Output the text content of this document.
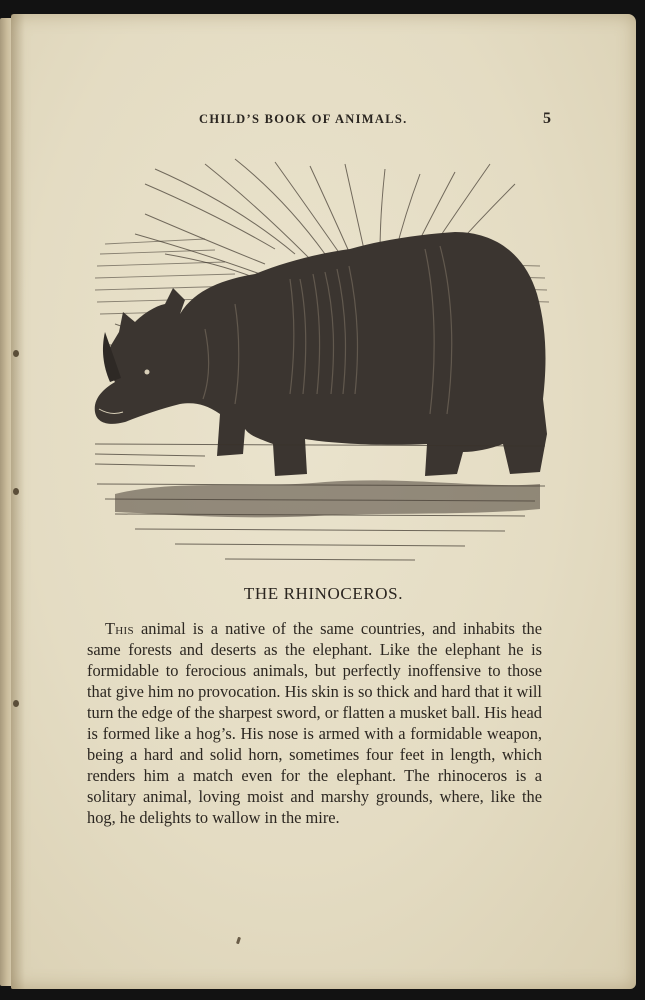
CHILD’S BOOK OF ANIMALS.	5
THE RHINOCEROS.

This animal is a native of the same countries, and inhabits the same forests and deserts as the elephant. Like the elephant he is formidable to ferocious animals, but perfectly inoffensive to those that give him no provocation. His skin is so thick and hard that it will turn the edge of the sharpest sword, or flatten a musket ball. His head is formed like a hog’s. His nose is armed with a formidable weapon, being a hard and solid horn, sometimes four feet in length, which renders him a match even for the elephant. The rhinoceros is a solitary animal, loving moist and marshy grounds, where, like the hog, he delights to wallow in the mire.
